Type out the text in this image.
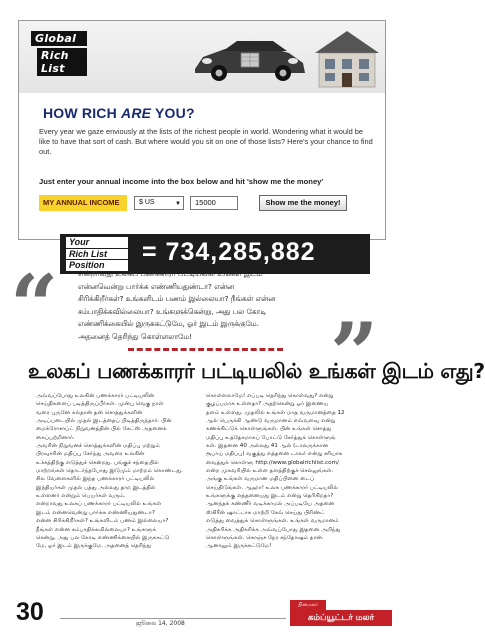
Global
Rich List
HOW RICH ARE YOU?
Every year we gaze enviously at the lists of the richest people in world. Wondering what it would be like to have that sort of cash. But where would you sit on one of those lists? Here's your chance to find out.
Just enter your annual income into the box below and hit 'show me the money'
MY ANNUAL INCOME	$ US	▼	15000	Show me the money!
Your
Rich List
Position	= 734,285,882
“	என்றாவது உலகப் பணக்காரர் பட்டியலில் உங்கள் இடம்
என்னவென்று பார்க்க எண்ணியதுண்டா? என்ன
சிரிக்கிறீர்கள்? உங்களிடம் பணம் இல்லையா? நீங்கள் என்ன
சம்பாதிக்கவில்லையா? உங்களுக்கென்று, அது பல கோடி
எண்ணிக்கையில் இருககட்டுமே, ஓர் இடம் இருக்குமே.
அதனைத் தெரிந்து கொள்ளலாமே!	”
உலகப் பணக்காரர் பட்டியலில் உங்கள் இடம் எது?
அவ்வப்போது உலகின் பணக்காரர் பட்டியலின்
செய்திகளைப் படித்திருப்பீர்கள். முன்பு வெகு நாள்
வரை புருனே சுல்தான் தன் சொத்துக்களின்
அடிப்படையில் முதல் இடத்தைப் பிடித்திருந்தார். பின்
மைக்ரோசாப்ட் நிறுவனத்தின் பில் கேட்ஸ் அதனைக்
கைப்பற்றினார்.
அவரின் நிறுவனச் சொத்துக்களின் மதிப்பு மற்றும்
பிரவுசரின் மதிப்பு சேர்ந்து அவரை உலகின்
உச்சத்திற்கு எடுத்துச் சென்றது. பங்குச் சந்தையில்
மாற்றங்கள் தொடர்ந்தபோது இடுமும் மாற்றம் கொண்டது.
சில வேளைகளில் இந்த பணக்காரர் பட்டியலில்
இந்தியர்கள் முதல் பத்து அல்லது தாற இடத்தில்
உள்ளனர் என்றும் பெயர்கள் வரும்.
என்றாவது உலகப் பணக்காரர் பட்டியலில் உங்கள்
இடம் என்னவென்று பார்க்க எண்ணியதுண்டா?
என்ன சிரிக்கிறீர்கள்? உங்களிடம் பணம் இல்லையா?
நீங்கள் என்ன சம்பாதிக்கவில்லையா? உங்களுக்
கென்று, அது பல கோடி எண்ணிக்கையில் இருககட்டு
மே, ஓர் இடம் இருக்குமே. அதனைத் தெரிந்து
கொள்ளலாமே! எப்படி தெரிந்து கொள்வது? என்று
குழப்பமாக உள்ளதா? அதற்கென்று ஓர் இணைய
தளம் உள்ளது. முதலில் உங்கள் மாத வருமானத்தை 12
ஆல் பெருக்கி ஆண்டு வருமானம் எவ்வளவு என்று
கணக்கிட்டுக் கொள்ளுங்கள். பின் உங்கள் சொத்து
மதிப்பு உத்தேசமாகப் போட்டு சேர்த்துக் கொள்ளுங்
கள். இதனை 40 அல்லது 41 ஆல் (டாலருக்கான
ரூபாய் மதிப்பு) வகுத்து எத்தனை டாலர் என்று சரியாக
வைத்துக் கொள்ளு http://www.globalrichlist.com/
என்ற முகவரியில் உள்ள தளத்திற்குச் செல்லுங்கள்.
அங்கு உங்கள் வருமான மதிப்பினை டைப்
செய்திடுங்கள். ஆஹா! உலக பணக்காரர் பட்டியலில்
உங்களுக்கு எத்தனையது இடம் என்று தெரிகிறதா?
ஆனந்தக் கண்ணீர் வடிக்காமல் அப்படியே அதனை
ஸ்கிரீன் ஷாட்டாக மாற்றி சேவ் செய்து பிரிண்ட்
எடுத்து வைத்துக் கொள்ளுங்கள். உங்கள் வருமானம்
அதிகரிக்க அதிகரிக்க அவ்வப்போது இதனை அறிந்து
கொள்ளுங்கள். கொஞ்ச நேர சந்தோஷம் தான்.
ஆனாலும் இருக்கட்டுமே!
30	ஜூலை 14, 2008
தினமலர்
கம்ப்யூட்டர் மலர்
